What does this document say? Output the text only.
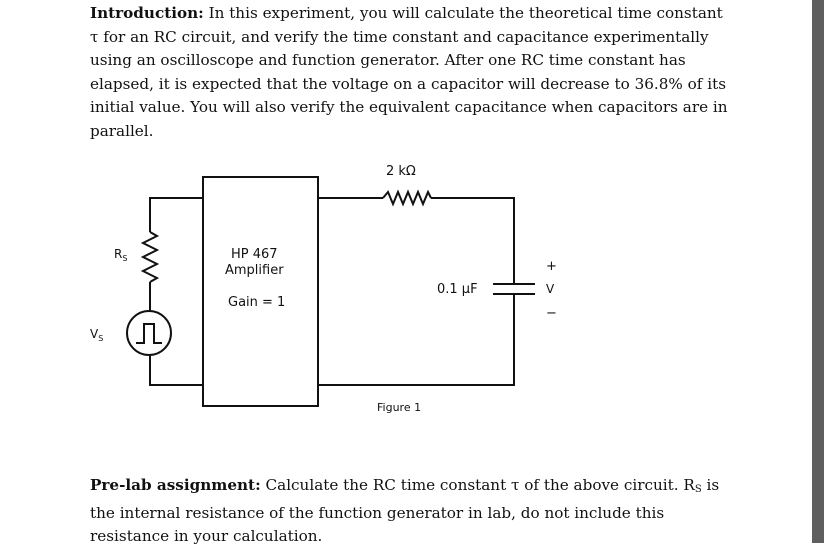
Introduction: In this experiment, you will calculate the theoretical time constant τ for an RC circuit, and verify the time constant and capacitance experimentally using an oscilloscope and function generator. After one RC time constant has elapsed, it is expected that the voltage on a capacitor will decrease to 36.8% of its initial value. You will also verify the equivalent capacitance when capacitors are in parallel.

2 kΩ
HP 467
Amplifier
Gain = 1
0.1 μF
$R_S$
$V_S$
+
V
−
Figure 1

Pre-lab assignment: Calculate the RC time constant τ of the above circuit. $R_S$ is the internal resistance of the function generator in lab, do not include this resistance in your calculation.
